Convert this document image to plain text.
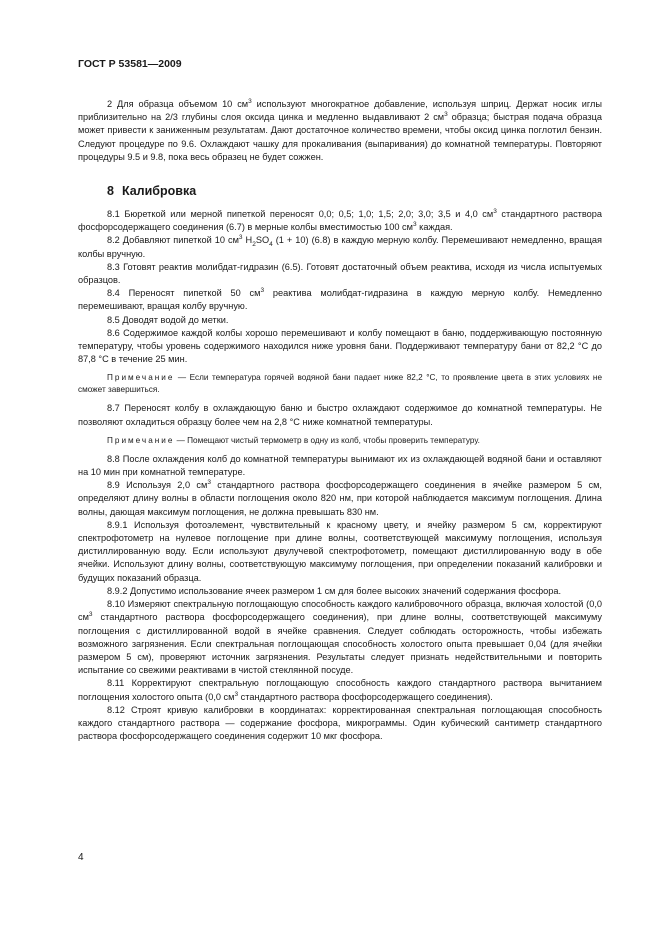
ГОСТ Р 53581—2009

2 Для образца объемом 10 $см^3$ используют многократное добавление, используя шприц. Держат носик иглы приблизительно на 2/3 глубины слоя оксида цинка и медленно выдавливают 2 $см^3$ образца; быстрая подача образца может привести к заниженным результатам. Дают достаточное количество времени, чтобы оксид цинка поглотил бензин. Следуют процедуре по 9.6. Охлаждают чашку для прокаливания (выпаривания) до комнатной температуры. Повторяют процедуры 9.5 и 9.8, пока весь образец не будет сожжен.

8 Калибровка

8.1 Бюреткой или мерной пипеткой переносят 0,0; 0,5; 1,0; 1,5; 2,0; 3,0; 3,5 и 4,0 $см^3$ стандартного раствора фосфорсодержащего соединения (6.7) в мерные колбы вместимостью 100 $см^3$ каждая.

8.2 Добавляют пипеткой 10 $см^3$ $H_2SO_4$ (1 + 10) (6.8) в каждую мерную колбу. Перемешивают немедленно, вращая колбы вручную.

8.3 Готовят реактив молибдат-гидразин (6.5). Готовят достаточный объем реактива, исходя из числа испытуемых образцов.

8.4 Переносят пипеткой 50 $см^3$ реактива молибдат-гидразина в каждую мерную колбу. Немедленно перемешивают, вращая колбу вручную.

8.5 Доводят водой до метки.

8.6 Содержимое каждой колбы хорошо перемешивают и колбу помещают в баню, поддерживающую постоянную температуру, чтобы уровень содержимого находился ниже уровня бани. Поддерживают температуру бани от 82,2 °С до 87,8 °С в течение 25 мин.

Примечание — Если температура горячей водяной бани падает ниже 82,2 °С, то проявление цвета в этих условиях не сможет завершиться.

8.7 Переносят колбу в охлаждающую баню и быстро охлаждают содержимое до комнатной температуры. Не позволяют охладиться образцу более чем на 2,8 °С ниже комнатной температуры.

Примечание — Помещают чистый термометр в одну из колб, чтобы проверить температуру.

8.8 После охлаждения колб до комнатной температуры вынимают их из охлаждающей водяной бани и оставляют на 10 мин при комнатной температуре.

8.9 Используя 2,0 $см^3$ стандартного раствора фосфорсодержащего соединения в ячейке размером 5 см, определяют длину волны в области поглощения около 820 нм, при которой наблюдается максимум поглощения. Длина волны, дающая максимум поглощения, не должна превышать 830 нм.

8.9.1 Используя фотоэлемент, чувствительный к красному цвету, и ячейку размером 5 см, корректируют спектрофотометр на нулевое поглощение при длине волны, соответствующей максимуму поглощения, используя дистиллированную воду. Если используют двулучевой спектрофотометр, помещают дистиллированную воду в обе ячейки. Используют длину волны, соответствующую максимуму поглощения, при определении показаний калибровки и будущих показаний образца.

8.9.2 Допустимо использование ячеек размером 1 см для более высоких значений содержания фосфора.

8.10 Измеряют спектральную поглощающую способность каждого калибровочного образца, включая холостой (0,0 $см^3$ стандартного раствора фосфорсодержащего соединения), при длине волны, соответствующей максимуму поглощения с дистиллированной водой в ячейке сравнения. Следует соблюдать осторожность, чтобы избежать возможного загрязнения. Если спектральная поглощающая способность холостого опыта превышает 0,04 (для ячейки размером 5 см), проверяют источник загрязнения. Результаты следует признать недействительными и повторить испытание со свежими реактивами в чистой стеклянной посуде.

8.11 Корректируют спектральную поглощающую способность каждого стандартного раствора вычитанием поглощения холостого опыта (0,0 $см^3$ стандартного раствора фосфорсодержащего соединения).

8.12 Строят кривую калибровки в координатах: корректированная спектральная поглощающая способность каждого стандартного раствора — содержание фосфора, микрограммы. Один кубический сантиметр стандартного раствора фосфорсодержащего соединения содержит 10 мкг фосфора.

4
